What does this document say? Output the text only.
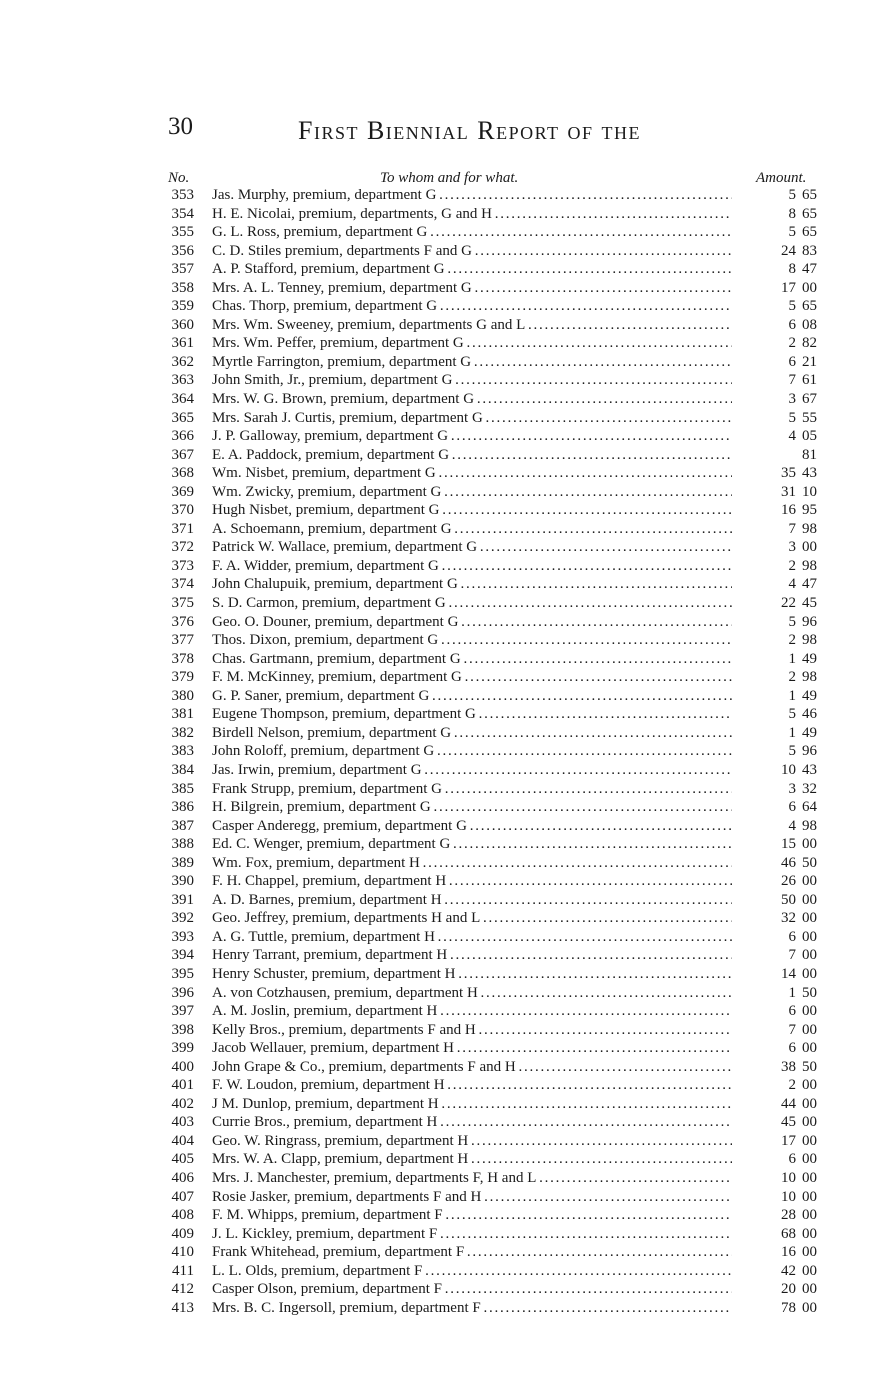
30	First Biennial Report of the
No.	To whom and for what.	Amount.
353 Jas. Murphy, premium, department G . . .	5 65
354 H. E. Nicolai, premium, departments, G and H . . .	8 65
355 G. L. Ross, premium, department G . . .	5 65
356 C. D. Stiles premium, departments F and G . . .	24 83
357 A. P. Stafford, premium, department G . . .	8 47
358 Mrs. A. L. Tenney, premium, department G . . .	17 00
359 Chas. Thorp, premium, department G . . .	5 65
360 Mrs. Wm. Sweeney, premium, departments G and L . . .	6 08
361 Mrs. Wm. Peffer, premium, department G . . .	2 82
362 Myrtle Farrington, premium, department G . . .	6 21
363 John Smith, Jr., premium, department G . . .	7 61
364 Mrs. W. G. Brown, premium, department G . . .	3 67
365 Mrs. Sarah J. Curtis, premium, department G . . .	5 55
366 J. P. Galloway, premium, department G . . .	4 05
367 E. A. Paddock, premium, department G . . .	81
368 Wm. Nisbet, premium, department G . . .	35 43
369 Wm. Zwicky, premium, department G . . .	31 10
370 Hugh Nisbet, premium, department G . . .	16 95
371 A. Schoemann, premium, department G . . .	7 98
372 Patrick W. Wallace, premium, department G . . .	3 00
373 F. A. Widder, premium, department G . . .	2 98
374 John Chalupuik, premium, department G . . .	4 47
375 S. D. Carmon, premium, department G . . .	22 45
376 Geo. O. Douner, premium, department G . . .	5 96
377 Thos. Dixon, premium, department G . . .	2 98
378 Chas. Gartmann, premium, department G . . .	1 49
379 F. M. McKinney, premium, department G . . .	2 98
380 G. P. Saner, premium, department G . . .	1 49
381 Eugene Thompson, premium, department G . . .	5 46
382 Birdell Nelson, premium, department G . . .	1 49
383 John Roloff, premium, department G . . .	5 96
384 Jas. Irwin, premium, department G . . .	10 43
385 Frank Strupp, premium, department G . . .	3 32
386 H. Bilgrein, premium, department G . . .	6 64
387 Casper Anderegg, premium, department G . . .	4 98
388 Ed. C. Wenger, premium, department G . . .	15 00
389 Wm. Fox, premium, department H . . .	46 50
390 F. H. Chappel, premium, department H . . .	26 00
391 A. D. Barnes, premium, department H . . .	50 00
392 Geo. Jeffrey, premium, departments H and L . . .	32 00
393 A. G. Tuttle, premium, department H . . .	6 00
394 Henry Tarrant, premium, department H . . .	7 00
395 Henry Schuster, premium, department H . . .	14 00
396 A. von Cotzhausen, premium, department H . . .	1 50
397 A. M. Joslin, premium, department H . . .	6 00
398 Kelly Bros., premium, departments F and H . . .	7 00
399 Jacob Wellauer, premium, department H . . .	6 00
400 John Grape & Co., premium, departments F and H . . .	38 50
401 F. W. Loudon, premium, department H . . .	2 00
402 J M. Dunlop, premium, department H . . .	44 00
403 Currie Bros., premium, department H . . .	45 00
404 Geo. W. Ringrass, premium, department H . . .	17 00
405 Mrs. W. A. Clapp, premium, department H . . .	6 00
406 Mrs. J. Manchester, premium, departments F, H and L . . .	10 00
407 Rosie Jasker, premium, departments F and H . . .	10 00
408 F. M. Whipps, premium, department F . . .	28 00
409 J. L. Kickley, premium, department F . . .	68 00
410 Frank Whitehead, premium, department F . . .	16 00
411 L. L. Olds, premium, department F . . .	42 00
412 Casper Olson, premium, department F . . .	20 00
413 Mrs. B. C. Ingersoll, premium, department F . . .	78 00
